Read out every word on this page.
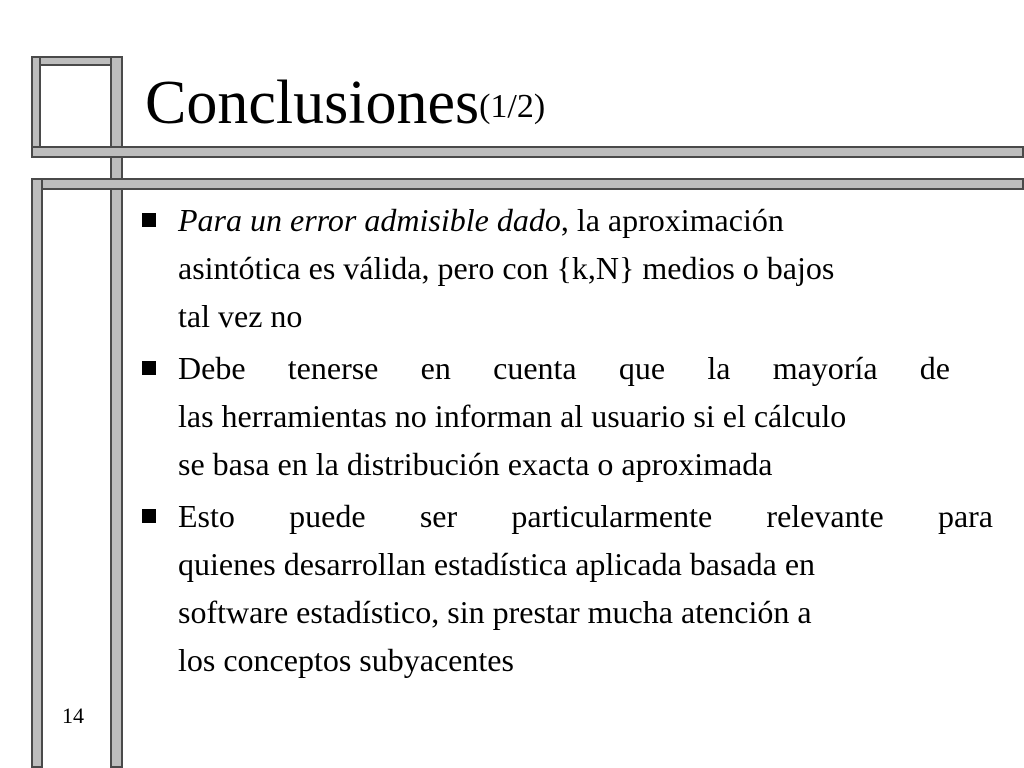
Conclusiones$^{(1/2)}$
Para un error admisible dado, la aproximación
asintótica es válida, pero con {k,N} medios o bajos
tal vez no
Debe tenerse en cuenta que la mayoría de
las herramientas no informan al usuario si el cálculo
se basa en la distribución exacta o aproximada
Esto puede ser particularmente relevante para
quienes desarrollan estadística aplicada basada en
software estadístico, sin prestar mucha atención a
los conceptos subyacentes
14
